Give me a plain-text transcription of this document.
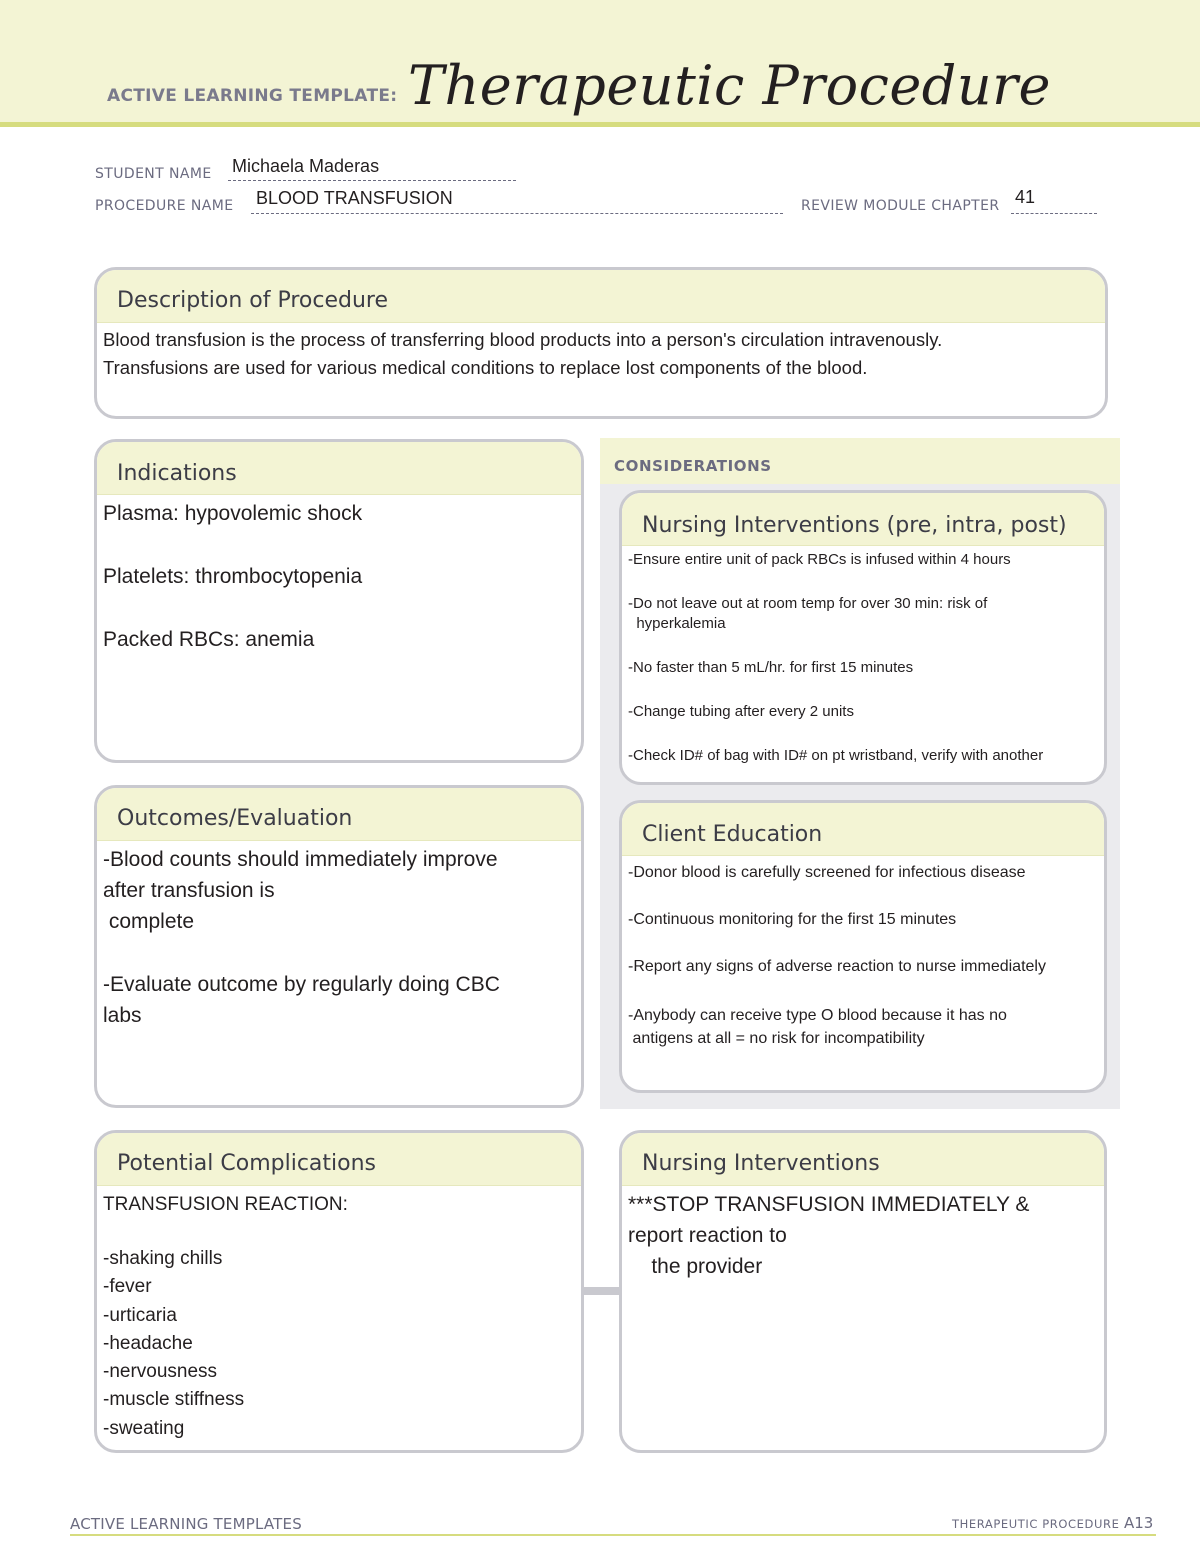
ACTIVE LEARNING TEMPLATE: Therapeutic Procedure
STUDENT NAME Michaela Maderas
PROCEDURE NAME BLOOD TRANSFUSION	REVIEW MODULE CHAPTER 41
Description of Procedure

Blood transfusion is the process of transferring blood products into a person's circulation intravenously.

Transfusions are used for various medical conditions to replace lost components of the blood.

CONSIDERATIONS
Indications

Plasma: hypovolemic shock

Platelets: thrombocytopenia

Packed RBCs: anemia

Nursing Interventions (pre, intra, post)

-Ensure entire unit of pack RBCs is infused within 4 hours

-Do not leave out at room temp for over 30 min: risk of

hyperkalemia

-No faster than 5 mL/hr. for first 15 minutes

-Change tubing after every 2 units

-Check ID# of bag with ID# on pt wristband, verify with another

Outcomes/Evaluation

-Blood counts should immediately improve

after transfusion is

complete

-Evaluate outcome by regularly doing CBC

labs

Client Education

-Donor blood is carefully screened for infectious disease

-Continuous monitoring for the first 15 minutes

-Report any signs of adverse reaction to nurse immediately

-Anybody can receive type O blood because it has no

antigens at all = no risk for incompatibility

Potential Complications

TRANSFUSION REACTION:

-shaking chills

-fever

-urticaria

-headache

-nervousness

-muscle stiffness

-sweating

Nursing Interventions

***STOP TRANSFUSION IMMEDIATELY &

report reaction to

the provider

ACTIVE LEARNING TEMPLATES	THERAPEUTIC PROCEDURE A13
